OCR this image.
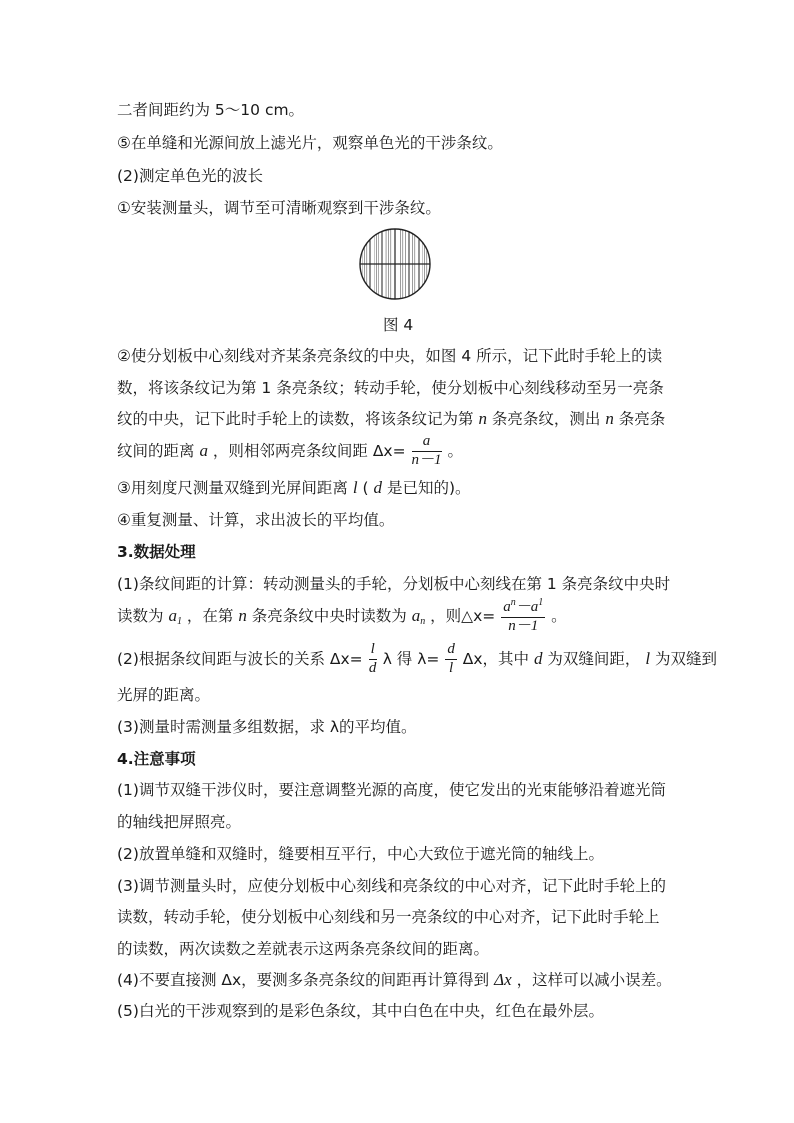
二者间距约为 5～10 cm。
⑤在单缝和光源间放上滤光片，观察单色光的干涉条纹。
(2)测定单色光的波长
①安装测量头，调节至可清晰观察到干涉条纹。
图 4
②使分划板中心刻线对齐某条亮条纹的中央，如图 4 所示，记下此时手轮上的读
数，将该条纹记为第 1 条亮条纹；转动手轮，使分划板中心刻线移动至另一亮条
纹的中央，记下此时手轮上的读数，将该条纹记为第 n 条亮条纹，测出 n 条亮条
纹间的距离 a ，则相邻两亮条纹间距 $\Delta x= \frac{a}{n-1}$ 。
③用刻度尺测量双缝到光屏间距离 l ( d 是已知的)。
④重复测量、计算，求出波长的平均值。
3.数据处理
(1)条纹间距的计算：转动测量头的手轮，分划板中心刻线在第 1 条亮条纹中央时
读数为 $a_1$ ，在第 n 条亮条纹中央时读数为 $a_n$ ，则△x= $\frac{a^n-a^1}{n-1}$ 。
(2)根据条纹间距与波长的关系 $\Delta x= \frac{l}{d}$ λ 得 $\lambda= \frac{d}{l}$ Δx，其中 d 为双缝间距， l 为双缝到
光屏的距离。
(3)测量时需测量多组数据，求 λ的平均值。
4.注意事项
(1)调节双缝干涉仪时，要注意调整光源的高度，使它发出的光束能够沿着遮光筒
的轴线把屏照亮。
(2)放置单缝和双缝时，缝要相互平行，中心大致位于遮光筒的轴线上。
(3)调节测量头时，应使分划板中心刻线和亮条纹的中心对齐，记下此时手轮上的
读数，转动手轮，使分划板中心刻线和另一亮条纹的中心对齐，记下此时手轮上
的读数，两次读数之差就表示这两条亮条纹间的距离。
(4)不要直接测 Δx，要测多条亮条纹的间距再计算得到 Δx ，这样可以减小误差。
(5)白光的干涉观察到的是彩色条纹，其中白色在中央，红色在最外层。
